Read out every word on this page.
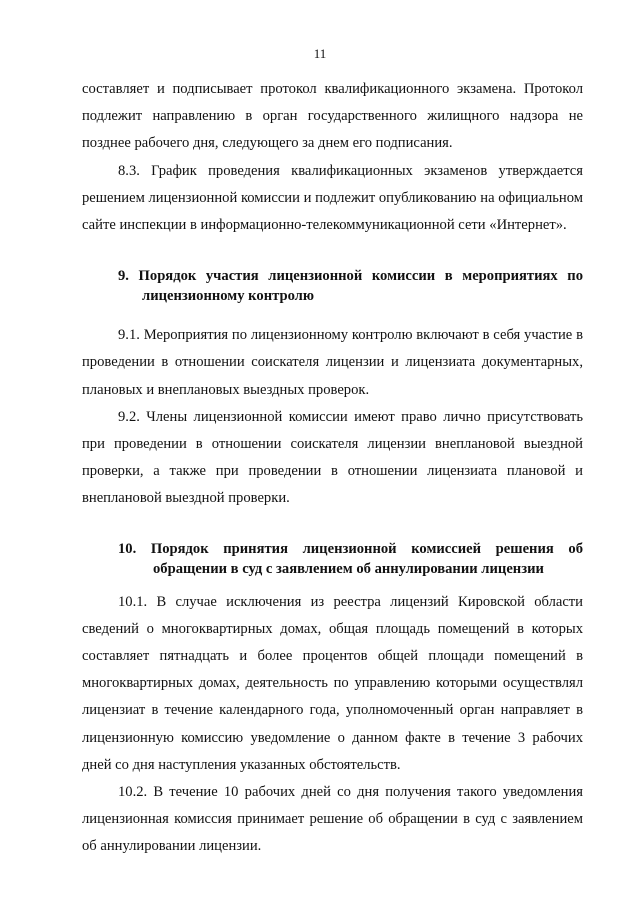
11

составляет и подписывает протокол квалификационного экзамена. Протокол подлежит направлению в орган государственного жилищного надзора не позднее рабочего дня, следующего за днем его подписания.

8.3. График проведения квалификационных экзаменов утверждается решением лицензионной комиссии и подлежит опубликованию на официальном сайте инспекции в информационно-телекоммуникационной сети «Интернет».

9. Порядок участия лицензионной комиссии в мероприятиях по
лицензионному контролю

9.1. Мероприятия по лицензионному контролю включают в себя участие в проведении в отношении соискателя лицензии и лицензиата документарных, плановых и внеплановых выездных проверок.

9.2. Члены лицензионной комиссии имеют право лично присутствовать при проведении в отношении соискателя лицензии внеплановой выездной проверки, а также при проведении в отношении лицензиата плановой и внеплановой выездной проверки.

10. Порядок принятия лицензионной комиссией решения об
обращении в суд с заявлением об аннулировании лицензии

10.1. В случае исключения из реестра лицензий Кировской области сведений о многоквартирных домах, общая площадь помещений в которых составляет пятнадцать и более процентов общей площади помещений в многоквартирных домах, деятельность по управлению которыми осуществлял лицензиат в течение календарного года, уполномоченный орган направляет в лицензионную комиссию уведомление о данном факте в течение 3 рабочих дней со дня наступления указанных обстоятельств.

10.2. В течение 10 рабочих дней со дня получения такого уведомления лицензионная комиссия принимает решение об обращении в суд с заявлением об аннулировании лицензии.
